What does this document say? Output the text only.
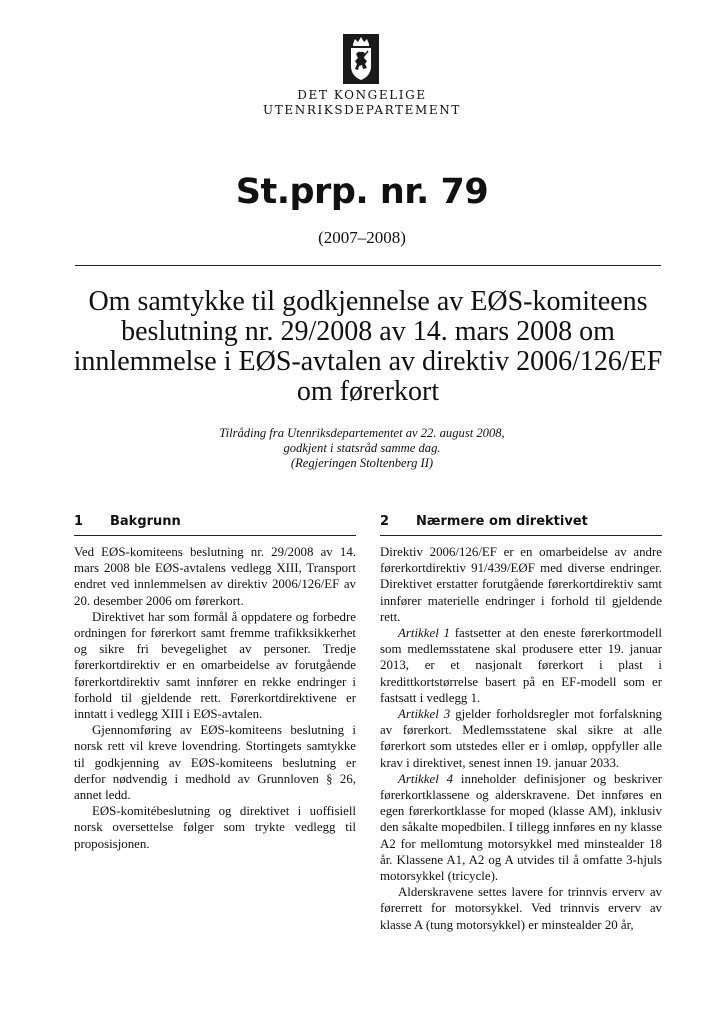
DET KONGELIGE
UTENRIKSDEPARTEMENT
St.prp. nr. 79
(2007–2008)
Om samtykke til godkjennelse av EØS-komiteens beslutning nr. 29/2008 av 14. mars 2008 om innlemmelse i EØS-avtalen av direktiv 2006/126/EF om førerkort
Tilråding fra Utenriksdepartementet av 22. august 2008,
godkjent i statsråd samme dag.
(Regjeringen Stoltenberg II)
1 Bakgrunn

Ved EØS-komiteens beslutning nr. 29/2008 av 14. mars 2008 ble EØS-avtalens vedlegg XIII, Transport endret ved innlemmelsen av direktiv 2006/126/EF av 20. desember 2006 om førerkort.

Direktivet har som formål å oppdatere og forbedre ordningen for førerkort samt fremme trafikksikkerhet og sikre fri bevegelighet av personer. Tredje førerkortdirektiv er en omarbeidelse av forutgående førerkortdirektiv samt innfører en rekke endringer i forhold til gjeldende rett. Førerkortdirektivene er inntatt i vedlegg XIII i EØS-avtalen.

Gjennomføring av EØS-komiteens beslutning i norsk rett vil kreve lovendring. Stortingets samtykke til godkjenning av EØS-komiteens beslutning er derfor nødvendig i medhold av Grunnloven § 26, annet ledd.

EØS-komitébeslutning og direktivet i uoffisiell norsk oversettelse følger som trykte vedlegg til proposisjonen.

2 Nærmere om direktivet

Direktiv 2006/126/EF er en omarbeidelse av andre førerkortdirektiv 91/439/EØF med diverse endringer. Direktivet erstatter forutgående førerkortdirektiv samt innfører materielle endringer i forhold til gjeldende rett.

Artikkel 1 fastsetter at den eneste førerkortmodell som medlemsstatene skal produsere etter 19. januar 2013, er et nasjonalt førerkort i plast i kredittkortstørrelse basert på en EF-modell som er fastsatt i vedlegg 1.

Artikkel 3 gjelder forholdsregler mot forfalskning av førerkort. Medlemsstatene skal sikre at alle førerkort som utstedes eller er i omløp, oppfyller alle krav i direktivet, senest innen 19. januar 2033.

Artikkel 4 inneholder definisjoner og beskriver førerkortklassene og alderskravene. Det innføres en egen førerkortklasse for moped (klasse AM), inklusiv den såkalte mopedbilen. I tillegg innføres en ny klasse A2 for mellomtung motorsykkel med minstealder 18 år. Klassene A1, A2 og A utvides til å omfatte 3-hjuls motorsykkel (tricycle).

Alderskravene settes lavere for trinnvis erverv av førerrett for motorsykkel. Ved trinnvis erverv av klasse A (tung motorsykkel) er minstealder 20 år,
